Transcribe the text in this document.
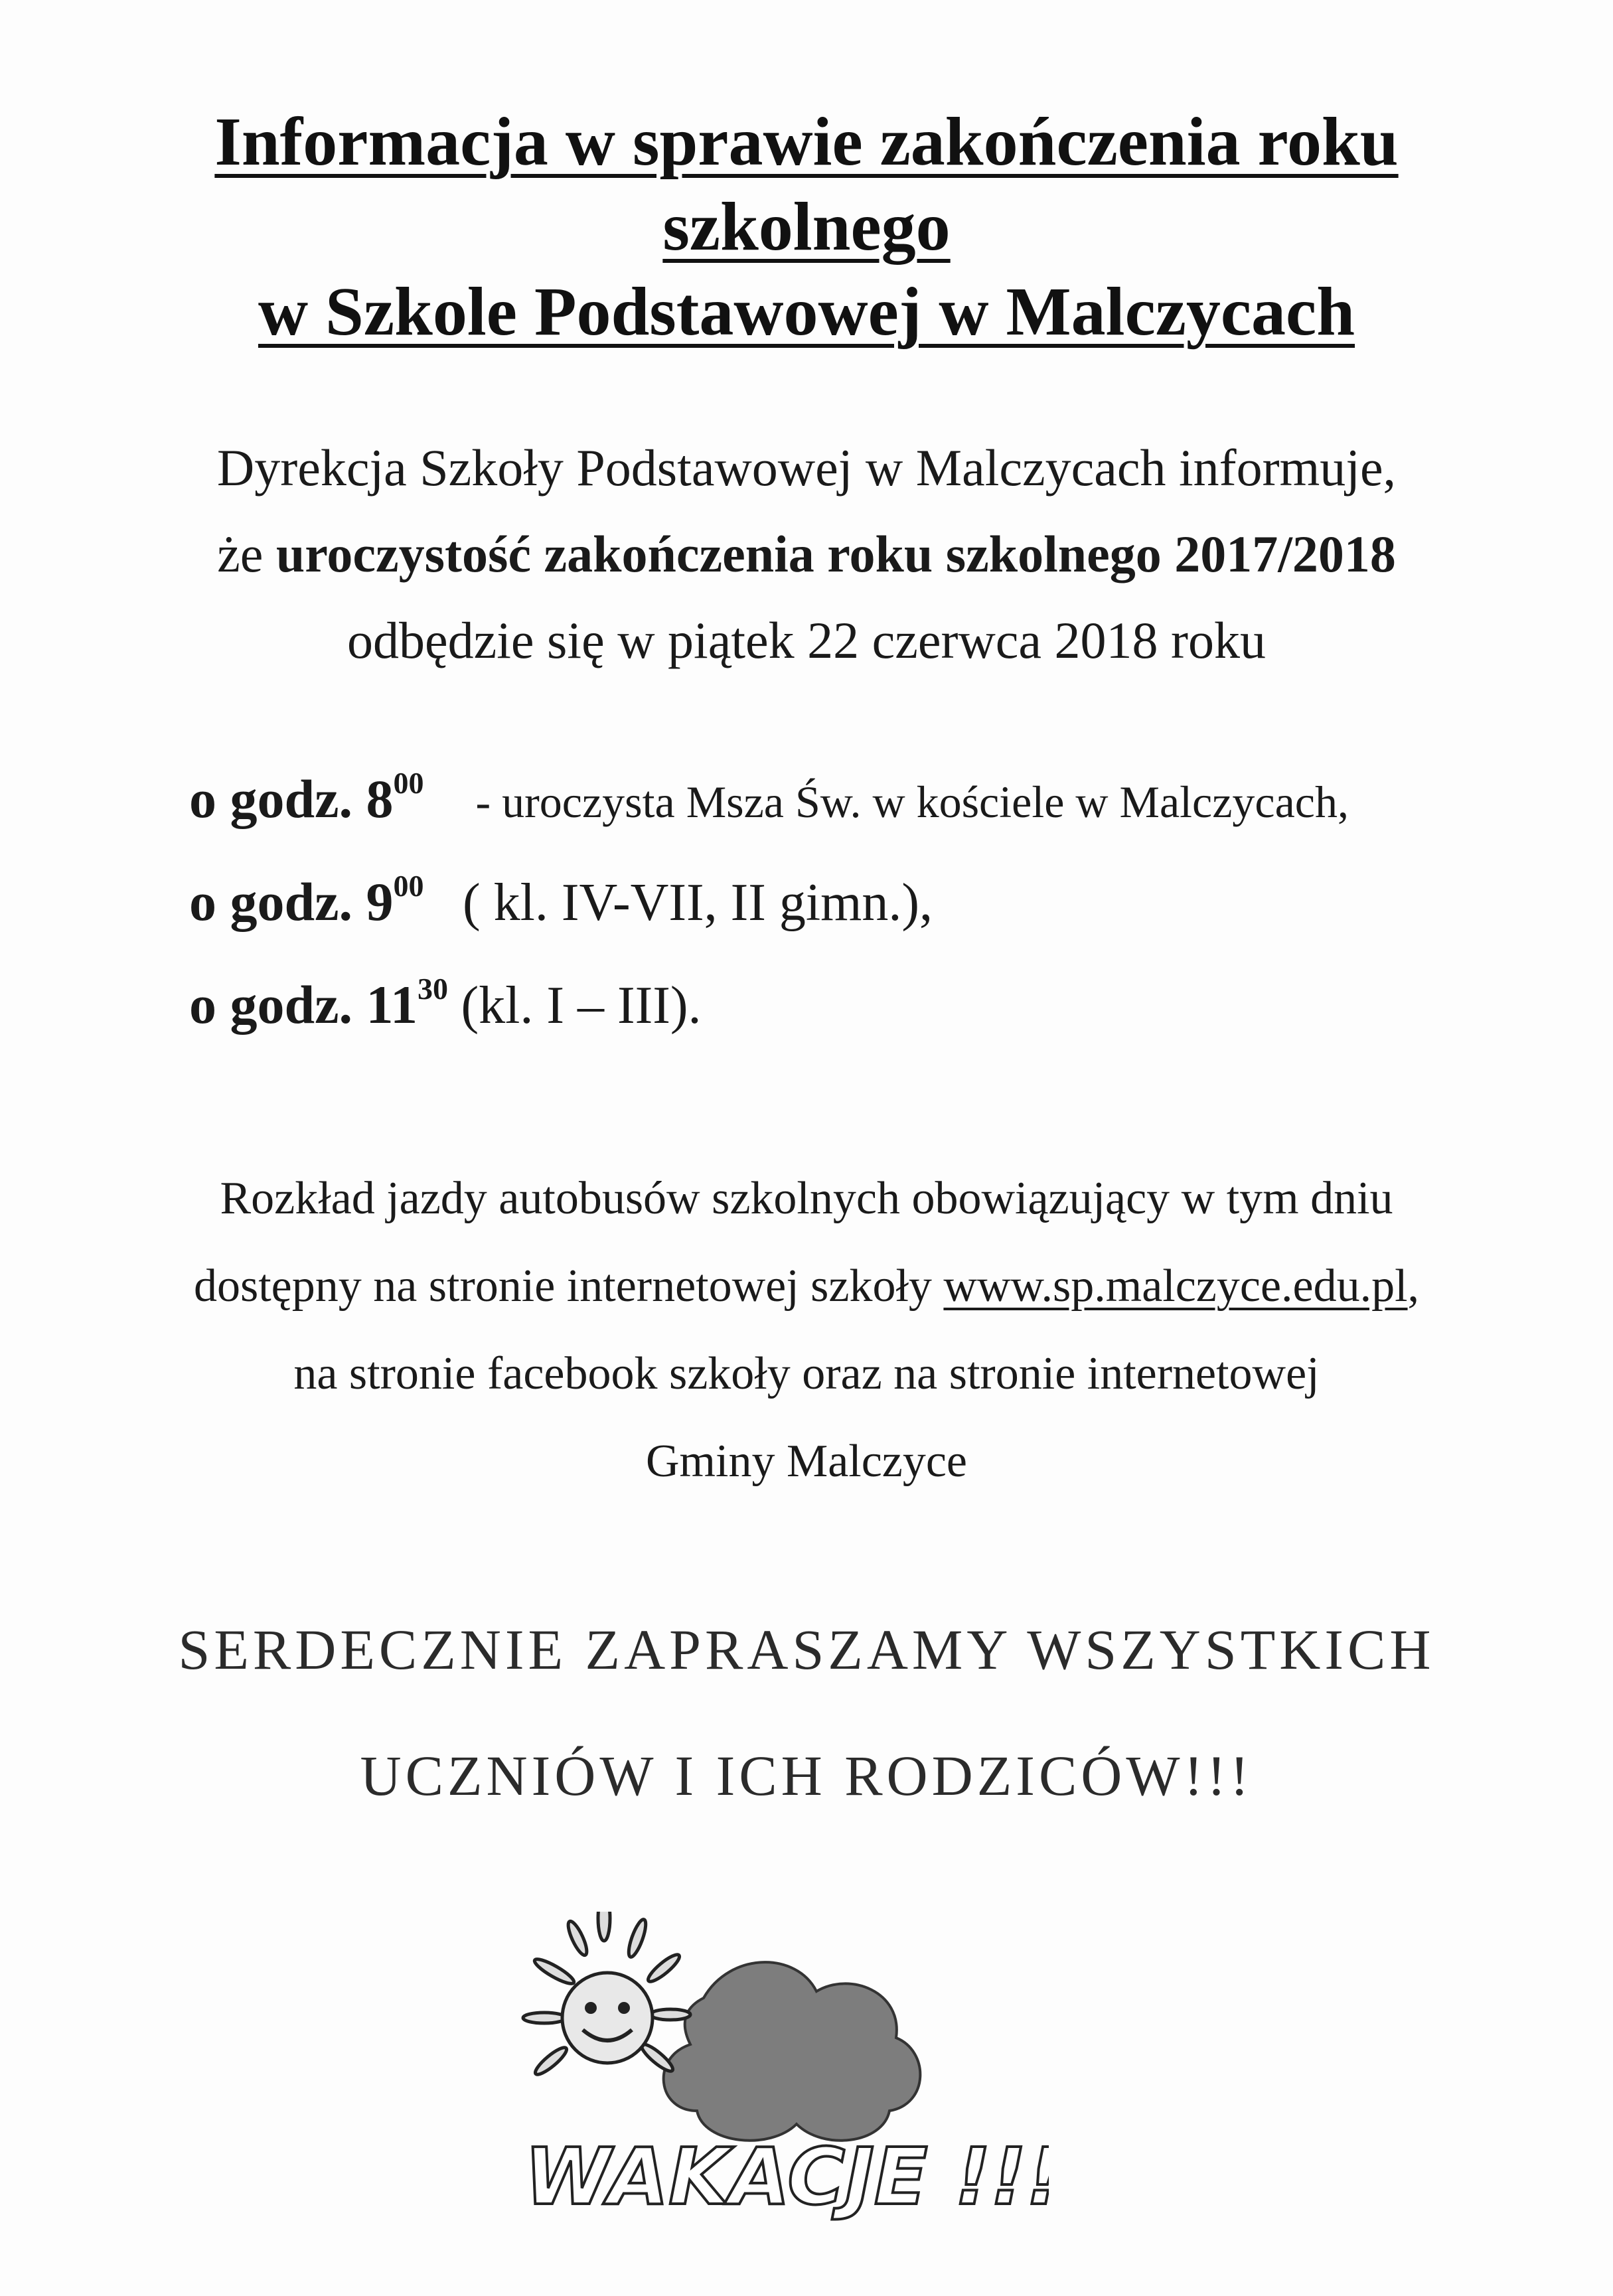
Informacja w sprawie zakończenia roku
szkolnego
w Szkole Podstawowej w Malczycach
Dyrekcja Szkoły Podstawowej w Malczycach informuje,
że uroczystość zakończenia roku szkolnego 2017/2018
odbędzie się w piątek 22 czerwca 2018 roku
o godz. $8^{00}$ - uroczysta Msza Św. w kościele w Malczycach,
o godz. $9^{00}$ ( kl. IV-VII, II gimn.),
o godz. $11^{30}$ (kl. I – III).
Rozkład jazdy autobusów szkolnych obowiązujący w tym dniu
dostępny na stronie internetowej szkoły www.sp.malczyce.edu.pl,
na stronie facebook szkoły oraz na stronie internetowej
Gminy Malczyce
SERDECZNIE ZAPRASZAMY WSZYSTKICH
UCZNIÓW I ICH RODZICÓW!!!
WAKACJE !!!
